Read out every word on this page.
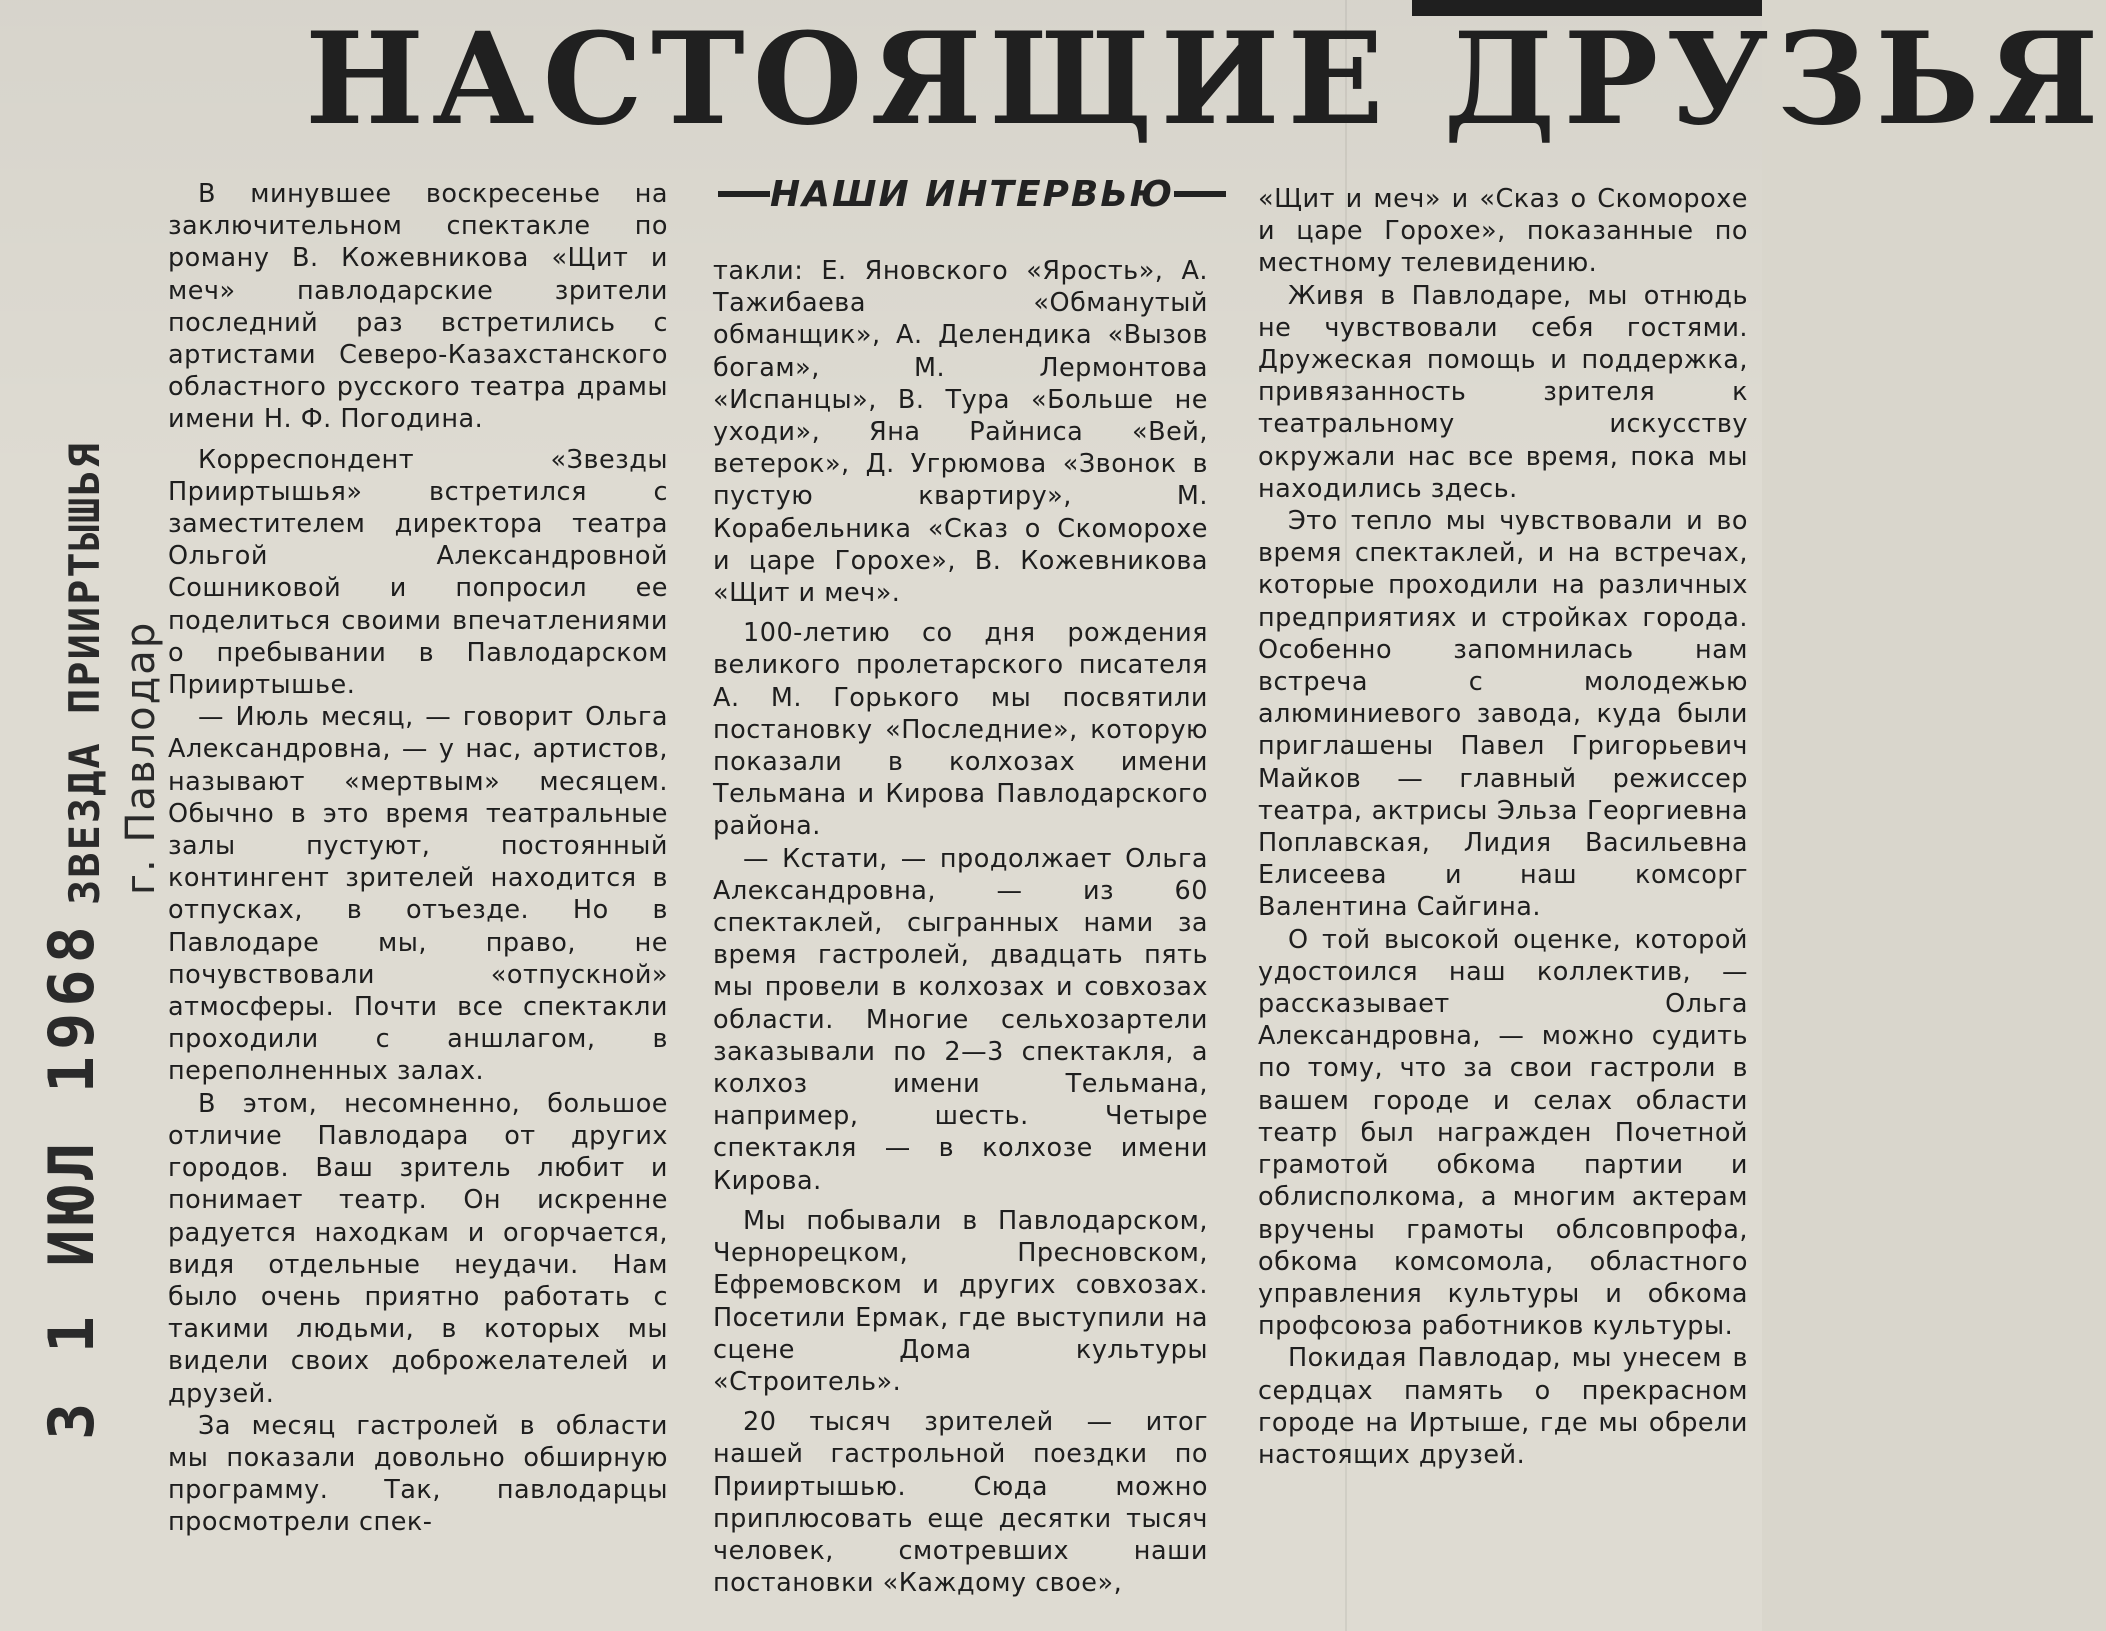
НАСТОЯЩИЕ ДРУЗЬЯ
3 1 ИЮЛ 1968
ЗВЕЗДА ПРИИРТЫШЬЯ г. Павлодар
НАШИ ИНТЕРВЬЮ

В минувшее воскресенье на заключительном спектакле по роману В. Кожевникова «Щит и меч» павлодарские зрители последний раз встретились с артистами Северо-Казахстанского областного русского театра драмы имени Н. Ф. Погодина.

Корреспондент «Звезды Прииртышья» встретился с заместителем директора театра Ольгой Александровной Сошниковой и попросил ее поделиться своими впечатлениями о пребывании в Павлодарском Прииртышье.

— Июль месяц, — говорит Ольга Александровна, — у нас, артистов, называют «мертвым» месяцем. Обычно в это время театральные залы пустуют, постоянный контингент зрителей находится в отпусках, в отъезде. Но в Павлодаре мы, право, не почувствовали «отпускной» атмосферы. Почти все спектакли проходили с аншлагом, в переполненных залах.

В этом, несомненно, большое отличие Павлодара от других городов. Ваш зритель любит и понимает театр. Он искренне радуется находкам и огорчается, видя отдельные неудачи. Нам было очень приятно работать с такими людьми, в которых мы видели своих доброжелателей и друзей.

За месяц гастролей в области мы показали довольно обширную программу. Так, павлодарцы просмотрели спек-

такли: Е. Яновского «Ярость», А. Тажибаева «Обманутый обманщик», А. Делендика «Вызов богам», М. Лермонтова «Испанцы», В. Тура «Больше не уходи», Яна Райниса «Вей, ветерок», Д. Угрюмова «Звонок в пустую квартиру», М. Корабельника «Сказ о Скоморохе и царе Горохе», В. Кожевникова «Щит и меч».

100-летию со дня рождения великого пролетарского писателя А. М. Горького мы посвятили постановку «Последние», которую показали в колхозах имени Тельмана и Кирова Павлодарского района.

— Кстати, — продолжает Ольга Александровна, — из 60 спектаклей, сыгранных нами за время гастролей, двадцать пять мы провели в колхозах и совхозах области. Многие сельхозартели заказывали по 2—3 спектакля, а колхоз имени Тельмана, например, шесть. Четыре спектакля — в колхозе имени Кирова.

Мы побывали в Павлодарском, Чернорецком, Пресновском, Ефремовском и других совхозах. Посетили Ермак, где выступили на сцене Дома культуры «Строитель».

20 тысяч зрителей — итог нашей гастрольной поездки по Прииртышью. Сюда можно приплюсовать еще десятки тысяч человек, смотревших наши постановки «Каждому свое»,

«Щит и меч» и «Сказ о Скоморохе и царе Горохе», показанные по местному телевидению.

Живя в Павлодаре, мы отнюдь не чувствовали себя гостями. Дружеская помощь и поддержка, привязанность зрителя к театральному искусству окружали нас все время, пока мы находились здесь.

Это тепло мы чувствовали и во время спектаклей, и на встречах, которые проходили на различных предприятиях и стройках города. Особенно запомнилась нам встреча с молодежью алюминиевого завода, куда были приглашены Павел Григорьевич Майков — главный режиссер театра, актрисы Эльза Георгиевна Поплавская, Лидия Васильевна Елисеева и наш комсорг Валентина Сайгина.

О той высокой оценке, которой удостоился наш коллектив, — рассказывает Ольга Александровна, — можно судить по тому, что за свои гастроли в вашем городе и селах области театр был награжден Почетной грамотой обкома партии и облисполкома, а многим актерам вручены грамоты облсовпрофа, обкома комсомола, областного управления культуры и обкома профсоюза работников культуры.

Покидая Павлодар, мы унесем в сердцах память о прекрасном городе на Иртыше, где мы обрели настоящих друзей.
